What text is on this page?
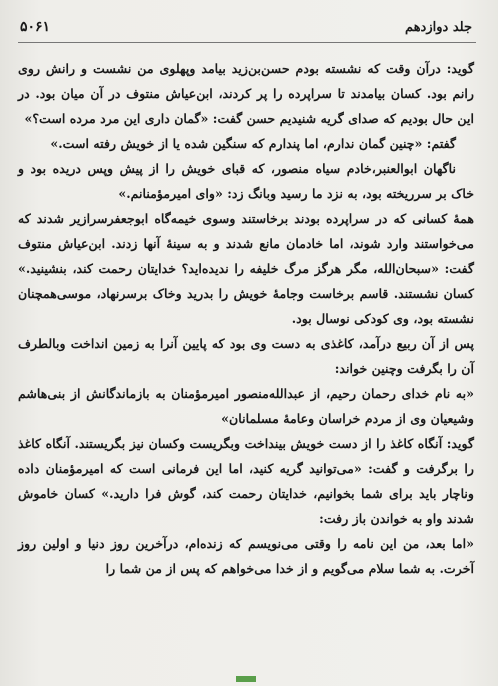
جلد دوازدهم
۵۰۶۱

گوید: درآن وقت که نشسته بودم حسن‌بن‌زید بیامد وپهلوی من نشست و رانش روی رانم بود. کسان بیامدند تا سراپرده را پر کردند، ابن‌عیاش منتوف در آن میان بود. در این حال بودیم که صدای گریه شنیدیم حسن گفت: «گمان داری این مرد مرده است؟»

گفتم: «چنین گمان ندارم، اما پندارم که سنگین شده یا از خویش رفته است.»

ناگهان ابوالعنبر،خادم سیاه منصور، که قبای خویش را از پیش وپس دریده بود و خاک بر سرریخته بود، به نزد ما رسید وبانگ زد: «وای امیرمؤمنانم.»

همهٔ کسانی که در سراپرده بودند برخاستند وسوی خیمه‌گاه ابوجعفرسرازیر شدند که می‌خواستند وارد شوند، اما خادمان مانع شدند و به سینهٔ آنها زدند. ابن‌عیاش منتوف گفت: «سبحان‌الله، مگر هرگز مرگ خلیفه را ندیده‌اید؟ خدایتان رحمت کند، بنشینید.» کسان نشستند. قاسم برخاست وجامهٔ خویش را بدرید وخاک برسرنهاد، موسی‌همچنان نشسته بود، وی کودکی نوسال بود.

پس از آن ربیع درآمد، کاغذی به دست وی بود که پایین آنرا به زمین انداخت وبالطرف آن را بگرفت وچنین خواند:

«به نام خدای رحمان رحیم، از عبدالله‌منصور امیرمؤمنان به بازماندگانش از بنی‌هاشم وشیعیان وی از مردم خراسان وعامهٔ مسلمانان»

گوید: آنگاه کاغذ را از دست خویش بینداخت وبگریست وکسان نیز بگریستند. آنگاه کاغذ را برگرفت و گفت: «می‌توانید گریه کنید، اما این فرمانی است که امیرمؤمنان داده وناچار باید برای شما بخوانیم، خدایتان رحمت کند، گوش فرا دارید.» کسان خاموش شدند واو به خواندن باز رفت:

«اما بعد، من این نامه را وقتی می‌نویسم که زنده‌ام، درآخرین روز دنیا و اولین روز آخرت. به شما سلام می‌گویم و از خدا می‌خواهم که پس از من شما را
